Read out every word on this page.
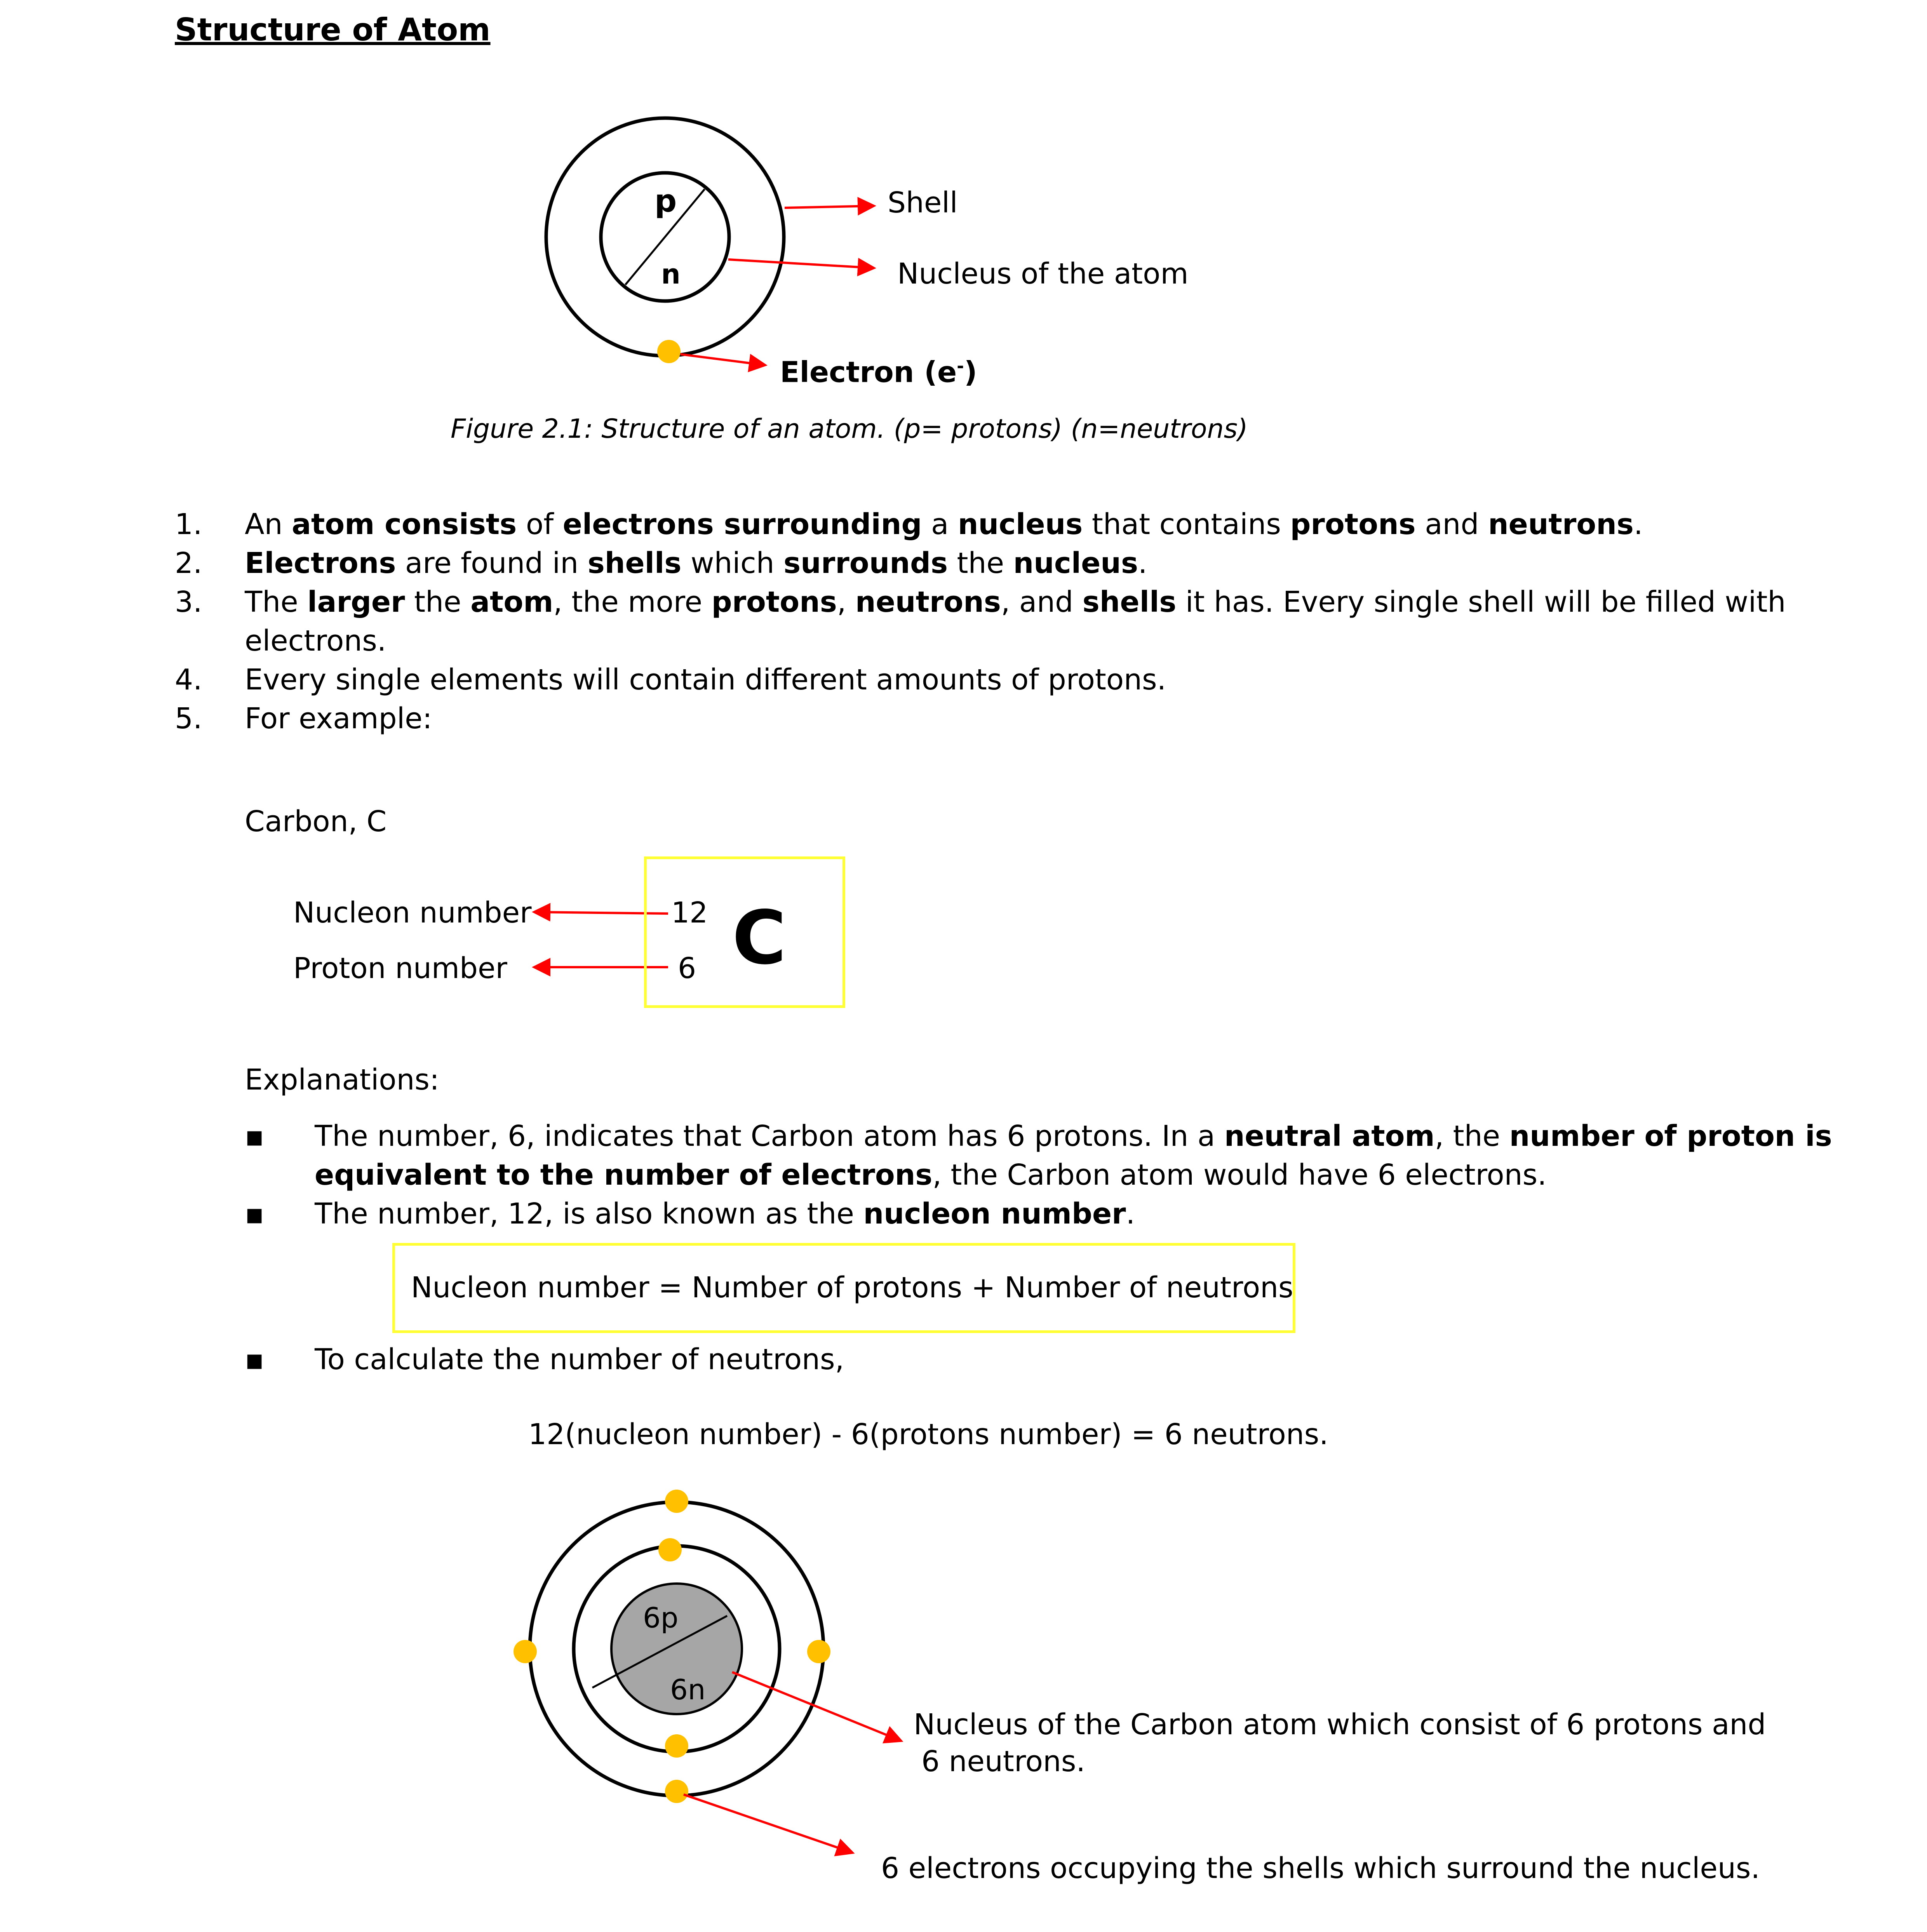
Structure of Atom
p
n
6p
6n
Shell
Nucleus of the atom
Electron (e-)
Figure 2.1: Structure of an atom. (p= protons) (n=neutrons)
1.	An atom consists of electrons surrounding a nucleus that contains protons and neutrons.
2.	Electrons are found in shells which surrounds the nucleus.
3.	The larger the atom, the more protons, neutrons, and shells it has. Every single shell will be filled with
electrons.
4.	Every single elements will contain different amounts of protons.
5.	For example:
Carbon, C
Nucleon number
Proton number
12
6 C
Explanations:
▪ The number, 6, indicates that Carbon atom has 6 protons. In a neutral atom, the number of proton is
equivalent to the number of electrons, the Carbon atom would have 6 electrons.
▪ The number, 12, is also known as the nucleon number.
Nucleon number = Number of protons + Number of neutrons
▪ To calculate the number of neutrons,
12(nucleon number) - 6(protons number) = 6 neutrons.
Nucleus of the Carbon atom which consist of 6 protons and
6 neutrons.
6 electrons occupying the shells which surround the nucleus.
